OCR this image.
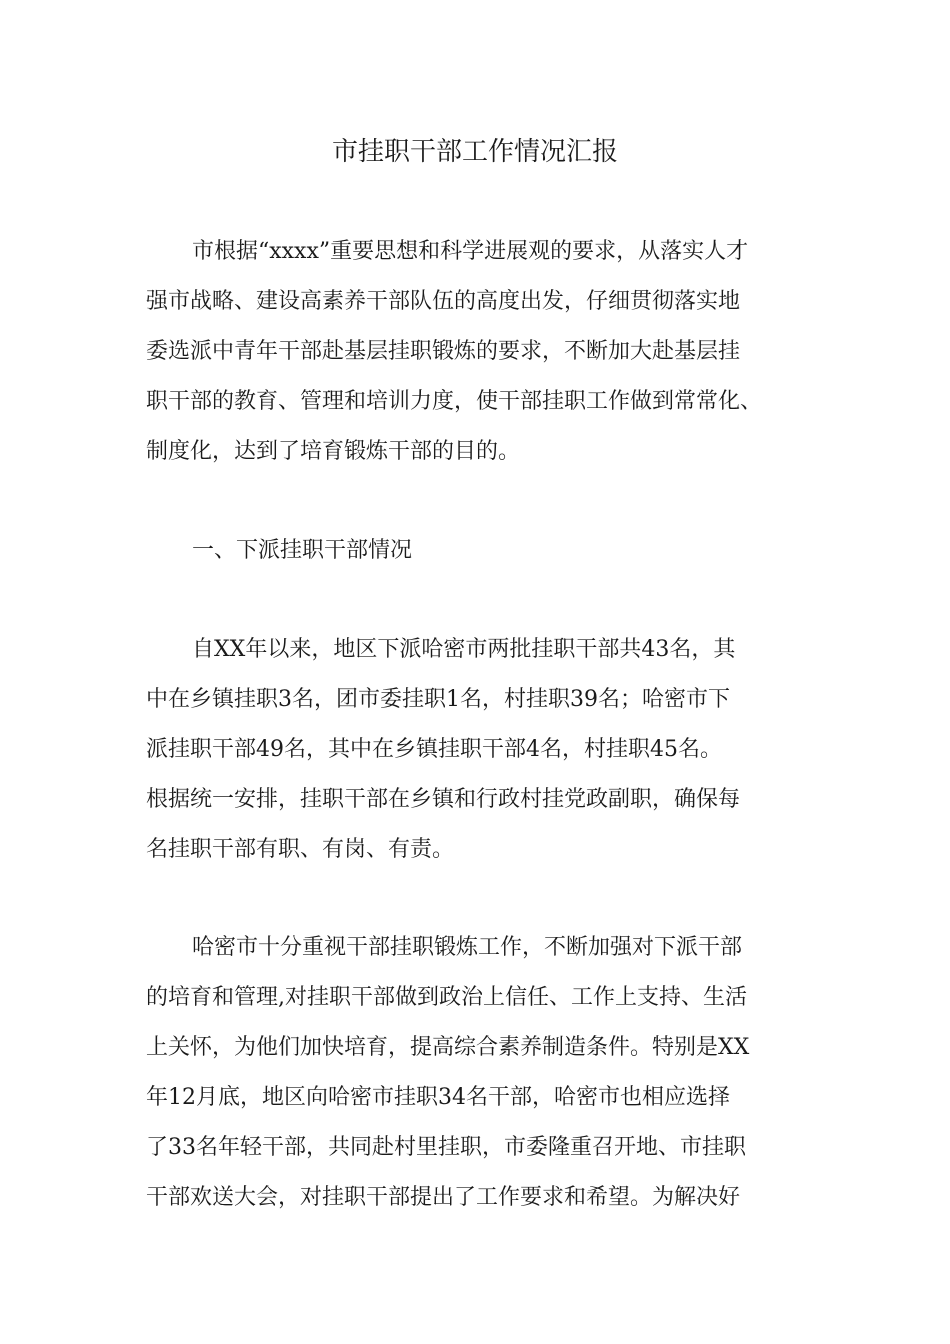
市挂职干部工作情况汇报
市根据“xxxx”重要思想和科学进展观的要求，从落实人才
强市战略、建设高素养干部队伍的高度出发，仔细贯彻落实地
委选派中青年干部赴基层挂职锻炼的要求，不断加大赴基层挂
职干部的教育、管理和培训力度，使干部挂职工作做到常常化、
制度化，达到了培育锻炼干部的目的。
一、下派挂职干部情况
自XX年以来，地区下派哈密市两批挂职干部共43名，其
中在乡镇挂职3名，团市委挂职1名，村挂职39名；哈密市下
派挂职干部49名，其中在乡镇挂职干部4名，村挂职45名。
根据统一安排，挂职干部在乡镇和行政村挂党政副职，确保每
名挂职干部有职、有岗、有责。
哈密市十分重视干部挂职锻炼工作，不断加强对下派干部
的培育和管理,对挂职干部做到政治上信任、工作上支持、生活
上关怀，为他们加快培育，提高综合素养制造条件。特别是XX
年12月底，地区向哈密市挂职34名干部，哈密市也相应选择
了33名年轻干部，共同赴村里挂职，市委隆重召开地、市挂职
干部欢送大会，对挂职干部提出了工作要求和希望。为解决好
